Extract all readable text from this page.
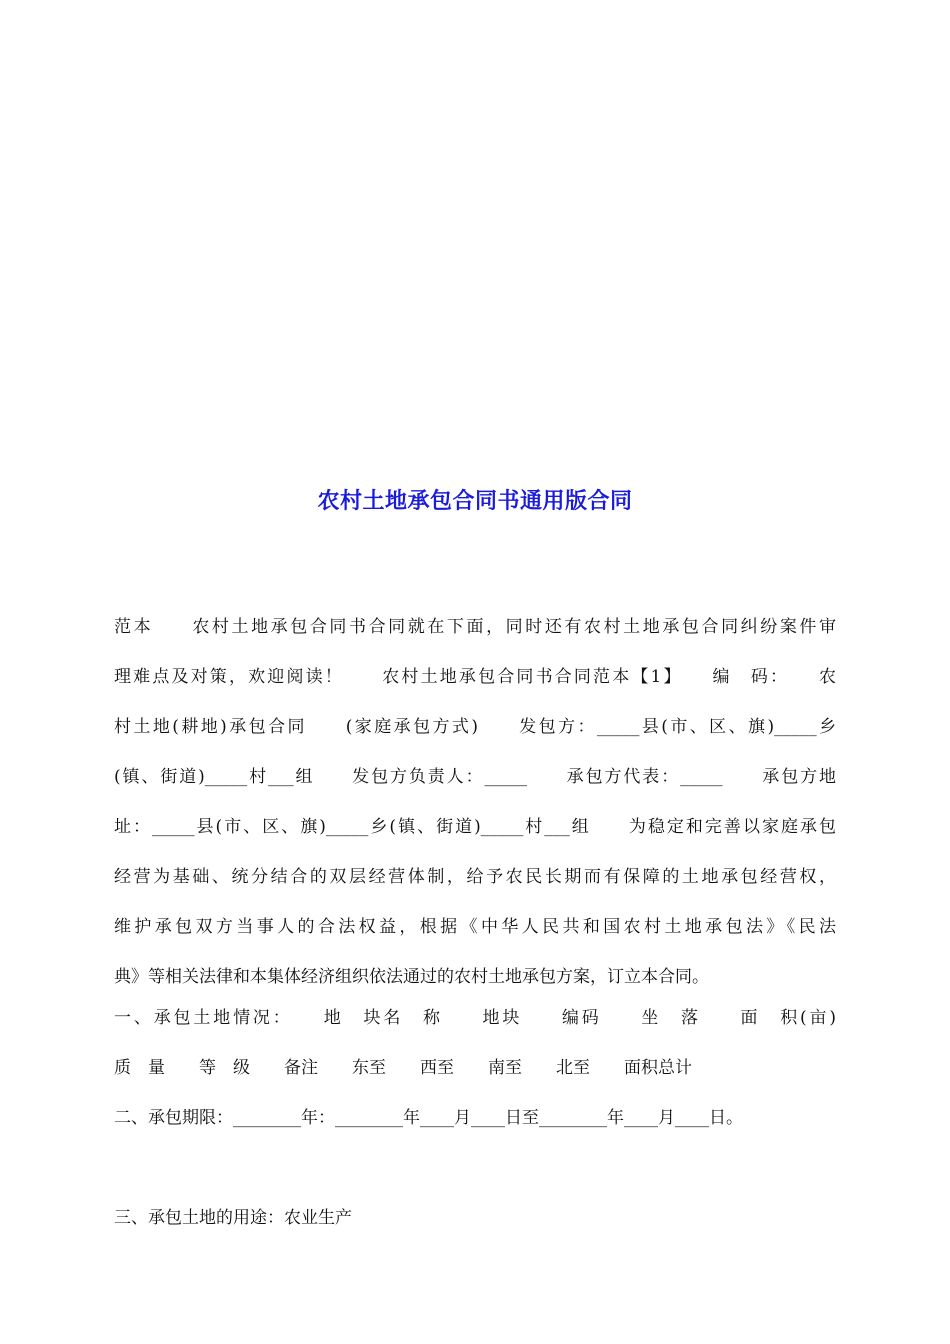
农村土地承包合同书通用版合同
范本　　农村土地承包合同书合同就在下面，同时还有农村土地承包合同纠纷案件审
理难点及对策，欢迎阅读！　　农村土地承包合同书合同范本【1】　　编　码：　　农
村土地(耕地)承包合同　　(家庭承包方式)　　发包方：_____县(市、区、旗)_____乡
(镇、街道)_____村___组　　发包方负责人：_____　　承包方代表：_____　　承包方地
址：_____县(市、区、旗)_____乡(镇、街道)_____村___组　　为稳定和完善以家庭承包
经营为基础、统分结合的双层经营体制，给予农民长期而有保障的土地承包经营权，
维护承包双方当事人的合法权益，根据《中华人民共和国农村土地承包法》《民法
典》等相关法律和本集体经济组织依法通过的农村土地承包方案，订立本合同。
一、承包土地情况：　　地　块名　称　　地块　　编码　　坐　落　　面　积(亩)
质　量　　等　级　　备注　　东至　　西至　　南至　　北至　　面积总计
二、承包期限：________年：________年____月____日至________年____月____日。
三、承包土地的用途：农业生产
